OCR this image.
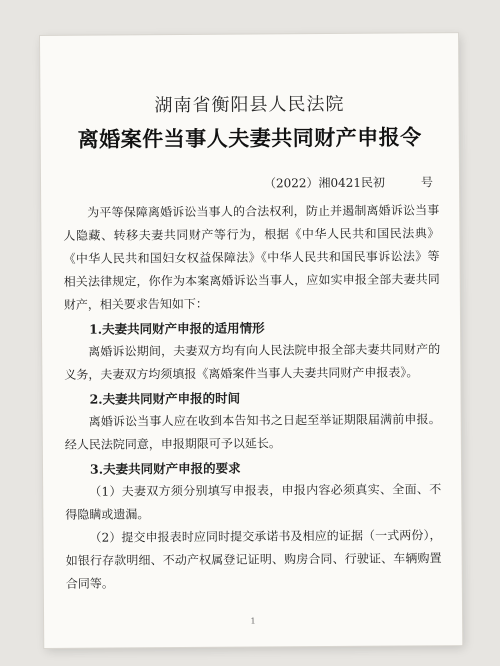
湖南省衡阳县人民法院
离婚案件当事人夫妻共同财产申报令
（2022）湘0421民初	号

为平等保障离婚诉讼当事人的合法权利，防止并遏制离婚诉讼当事人隐藏、转移夫妻共同财产等行为，根据《中华人民共和国民法典》《中华人民共和国妇女权益保障法》《中华人民共和国民事诉讼法》等相关法律规定，你作为本案离婚诉讼当事人，应如实申报全部夫妻共同财产，相关要求告知如下：

1.夫妻共同财产申报的适用情形

离婚诉讼期间，夫妻双方均有向人民法院申报全部夫妻共同财产的义务，夫妻双方均须填报《离婚案件当事人夫妻共同财产申报表》。

2.夫妻共同财产申报的时间

离婚诉讼当事人应在收到本告知书之日起至举证期限届满前申报。经人民法院同意，申报期限可予以延长。

3.夫妻共同财产申报的要求

（1）夫妻双方须分别填写申报表，申报内容必须真实、全面、不得隐瞒或遗漏。

（2）提交申报表时应同时提交承诺书及相应的证据（一式两份），如银行存款明细、不动产权属登记证明、购房合同、行驶证、车辆购置合同等。

1
